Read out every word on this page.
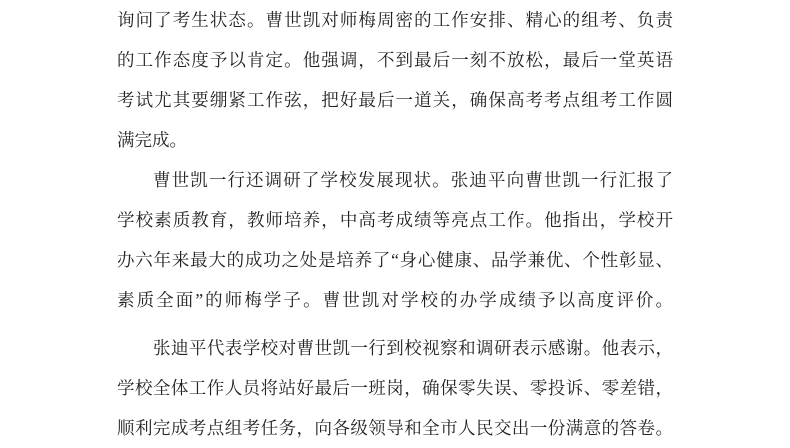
询问了考生状态。曹世凯对师梅周密的工作安排、精心的组考、负责
的工作态度予以肯定。他强调，不到最后一刻不放松，最后一堂英语
考试尤其要绷紧工作弦，把好最后一道关，确保高考考点组考工作圆
满完成。
曹世凯一行还调研了学校发展现状。张迪平向曹世凯一行汇报了
学校素质教育，教师培养，中高考成绩等亮点工作。他指出，学校开
办六年来最大的成功之处是培养了“身心健康、品学兼优、个性彰显、
素质全面”的师梅学子。曹世凯对学校的办学成绩予以高度评价。
张迪平代表学校对曹世凯一行到校视察和调研表示感谢。他表示，
学校全体工作人员将站好最后一班岗，确保零失误、零投诉、零差错，
顺利完成考点组考任务，向各级领导和全市人民交出一份满意的答卷。
